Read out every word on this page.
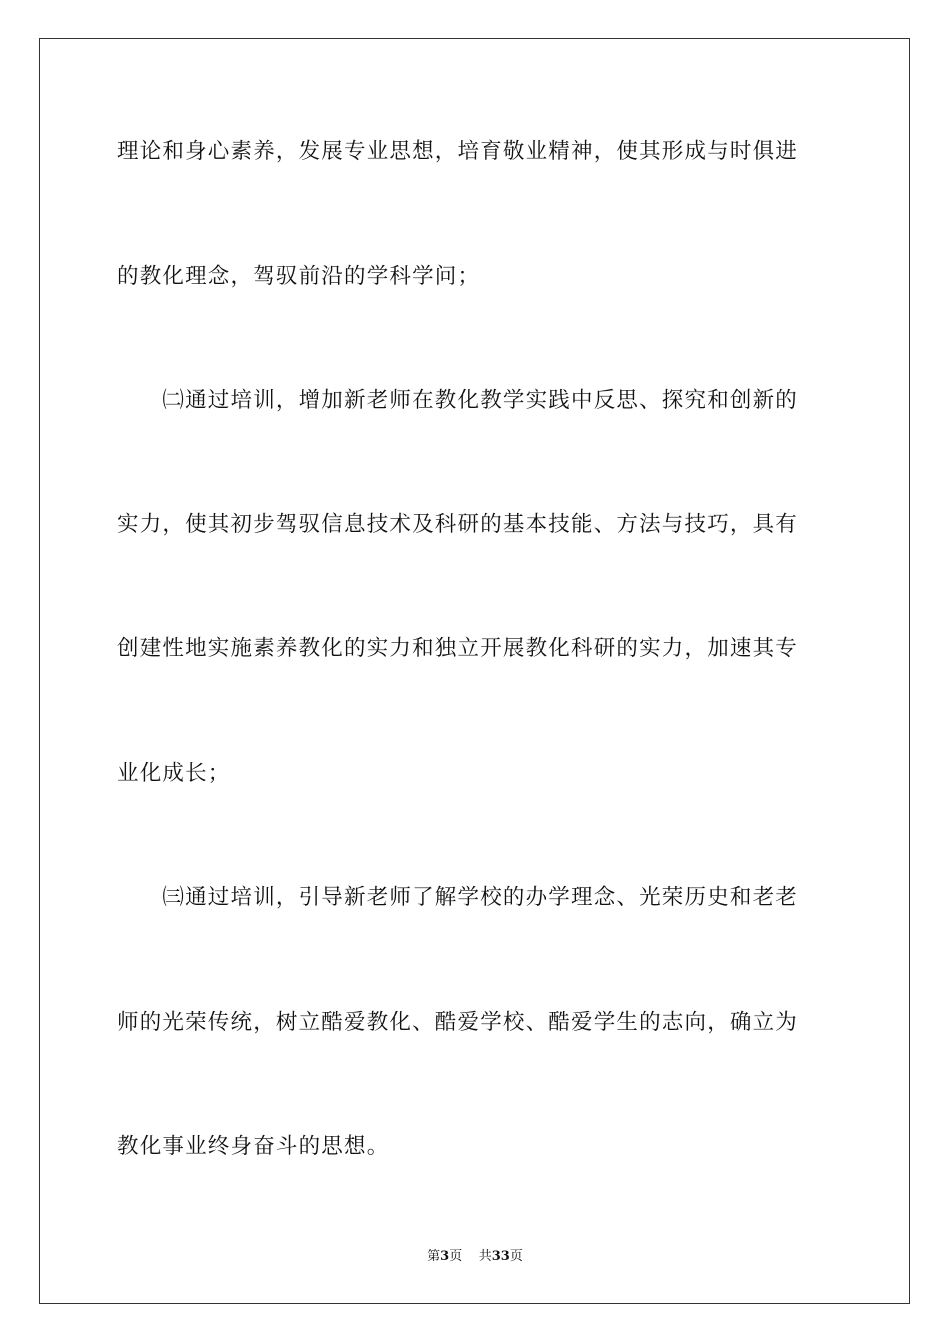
理论和身心素养，发展专业思想，培育敬业精神，使其形成与时俱进
的教化理念，驾驭前沿的学科学问；
　　㈡通过培训，增加新老师在教化教学实践中反思、探究和创新的
实力，使其初步驾驭信息技术及科研的基本技能、方法与技巧，具有
创建性地实施素养教化的实力和独立开展教化科研的实力，加速其专
业化成长；
　　㈢通过培训，引导新老师了解学校的办学理念、光荣历史和老老
师的光荣传统，树立酷爱教化、酷爱学校、酷爱学生的志向，确立为
教化事业终身奋斗的思想。
第3页 共33页
